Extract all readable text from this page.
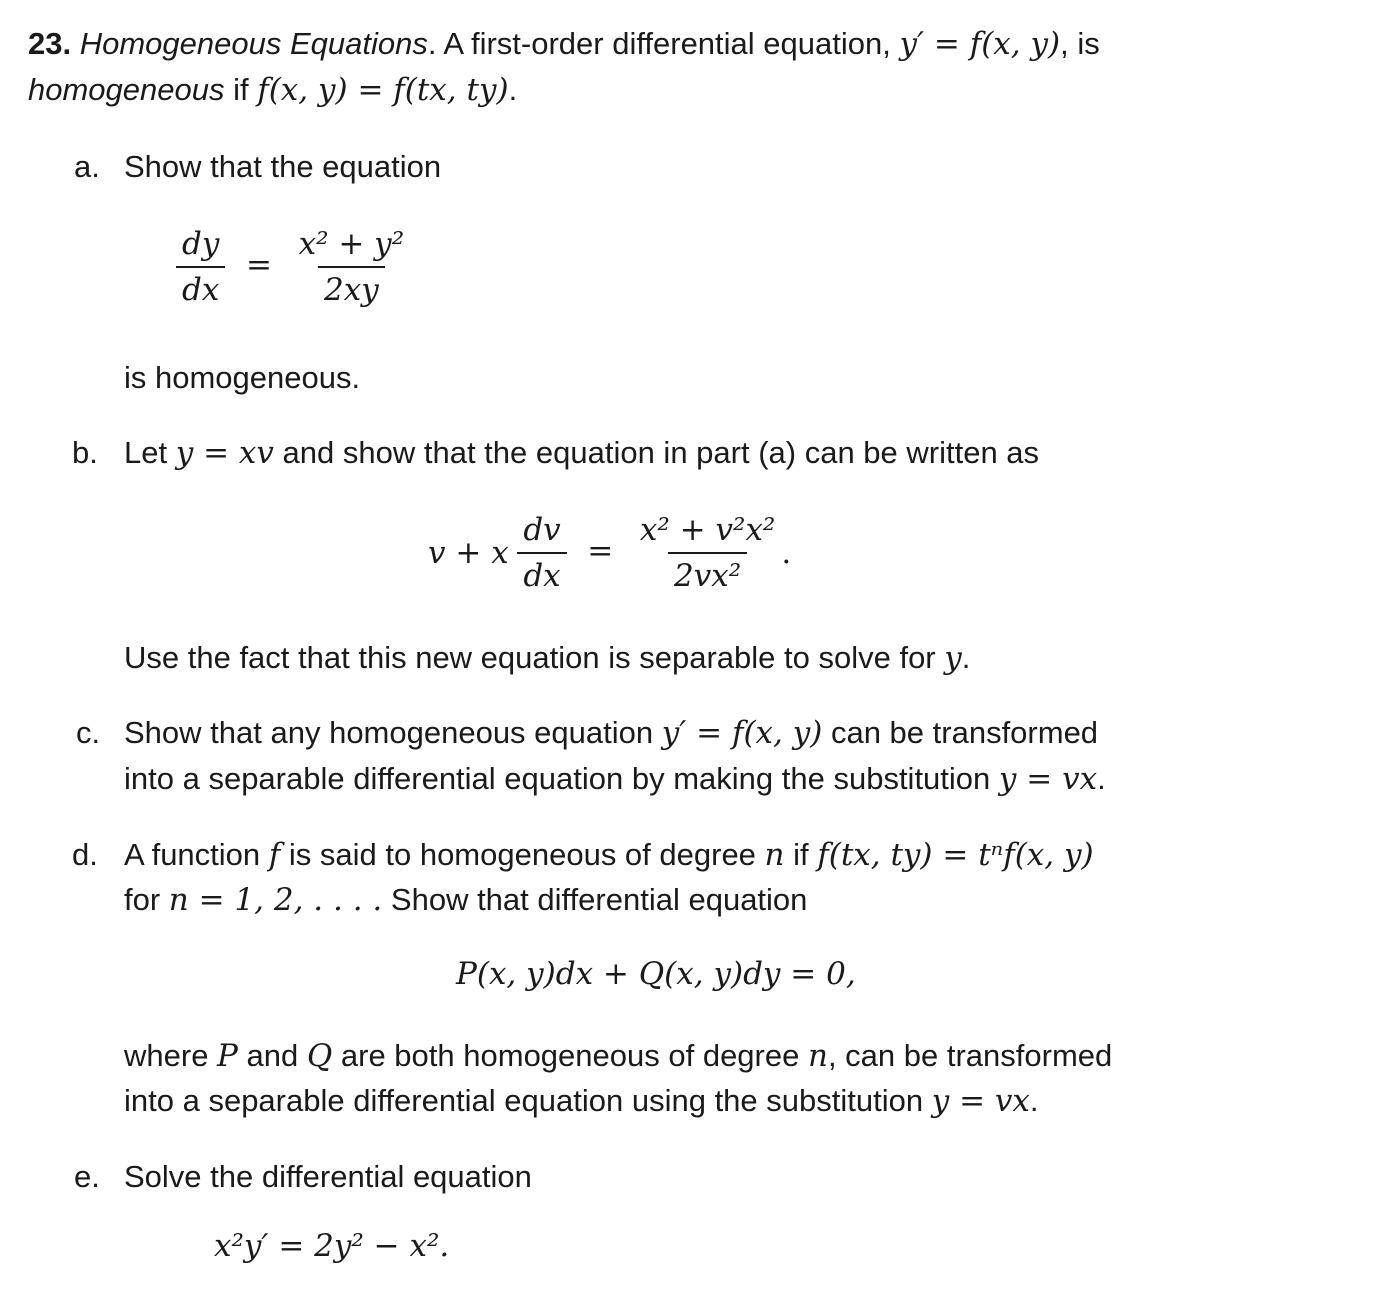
23. Homogeneous Equations. A first-order differential equation, y′ = f(x, y), is
homogeneous if f(x, y) = f(tx, ty).
a. Show that the equation
$\frac{dy}{dx} = \frac{\text{x² + y²}}{2xy}$
is homogeneous.
b. Let y = xv and show that the equation in part (a) can be written as
v + x $\frac{dv}{dx} = \frac{\text{x² + v²x²}}{\text{2vx²}}$ .
Use the fact that this new equation is separable to solve for y.
c. Show that any homogeneous equation y′ = f(x, y) can be transformed
into a separable differential equation by making the substitution y = vx.
d. A function f is said to homogeneous of degree n if f(tx, ty) = tⁿf(x, y)
for n = 1, 2, . . . . Show that differential equation
P(x, y)dx + Q(x, y)dy = 0,
where P and Q are both homogeneous of degree n, can be transformed
into a separable differential equation using the substitution y = vx.
e. Solve the differential equation
x²y′ = 2y² − x².
